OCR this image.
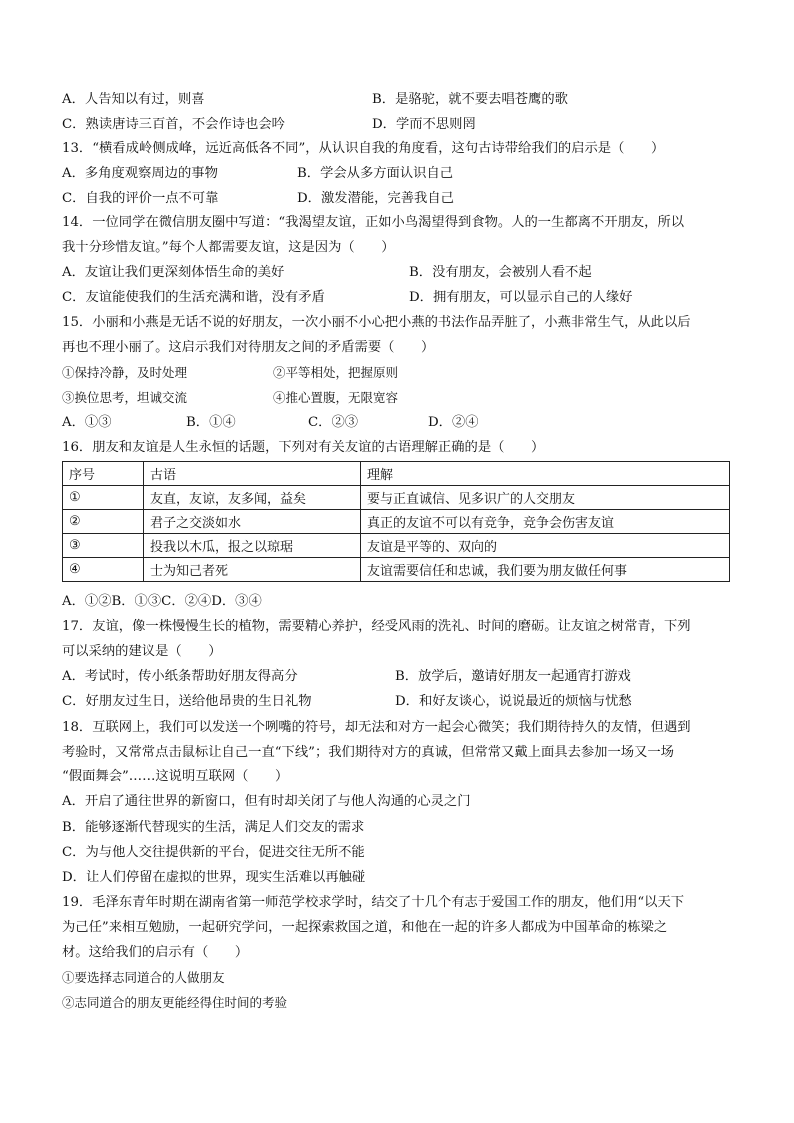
A．人告知以有过，则喜	B．是骆驼，就不要去唱苍鹰的歌
C．熟读唐诗三百首，不会作诗也会吟	D．学而不思则罔
13．“横看成岭侧成峰，远近高低各不同”，从认识自我的角度看，这句古诗带给我们的启示是（　　）
A．多角度观察周边的事物	B．学会从多方面认识自己
C．自我的评价一点不可靠	D．激发潜能，完善我自己
14．一位同学在微信朋友圈中写道：“我渴望友谊，正如小鸟渴望得到食物。人的一生都离不开朋友，所以
我十分珍惜友谊。”每个人都需要友谊，这是因为（　　）
A．友谊让我们更深刻体悟生命的美好	B．没有朋友，会被别人看不起
C．友谊能使我们的生活充满和谐，没有矛盾	D．拥有朋友，可以显示自己的人缘好
15．小丽和小燕是无话不说的好朋友，一次小丽不小心把小燕的书法作品弄脏了，小燕非常生气，从此以后
再也不理小丽了。这启示我们对待朋友之间的矛盾需要（　　）
①保持冷静，及时处理	②平等相处，把握原则
③换位思考，坦诚交流	④推心置腹，无限宽容
A．①③	B．①④	C．②③	D．②④
16．朋友和友谊是人生永恒的话题，下列对有关友谊的古语理解正确的是（　　）
序号	古语	理解
①	友直，友谅，友多闻，益矣	要与正直诚信、见多识广的人交朋友
②	君子之交淡如水	真正的友谊不可以有竞争，竞争会伤害友谊
③	投我以木瓜，报之以琼琚	友谊是平等的、双向的
④	士为知己者死	友谊需要信任和忠诚，我们要为朋友做任何事
A．①②B．①③C．②④D．③④
17．友谊，像一株慢慢生长的植物，需要精心养护，经受风雨的洗礼、时间的磨砺。让友谊之树常青，下列
可以采纳的建议是（　　）
A．考试时，传小纸条帮助好朋友得高分	B．放学后，邀请好朋友一起通宵打游戏
C．好朋友过生日，送给他昂贵的生日礼物	D．和好友谈心，说说最近的烦恼与忧愁
18．互联网上，我们可以发送一个咧嘴的符号，却无法和对方一起会心微笑；我们期待持久的友情，但遇到
考验时，又常常点击鼠标让自己一直“下线”；我们期待对方的真诚，但常常又戴上面具去参加一场又一场
“假面舞会”……这说明互联网（　　）
A．开启了通往世界的新窗口，但有时却关闭了与他人沟通的心灵之门
B．能够逐渐代替现实的生活，满足人们交友的需求
C．为与他人交往提供新的平台，促进交往无所不能
D．让人们停留在虚拟的世界，现实生活难以再触碰
19．毛泽东青年时期在湖南省第一师范学校求学时，结交了十几个有志于爱国工作的朋友，他们用“以天下
为己任”来相互勉励，一起研究学问，一起探索救国之道，和他在一起的许多人都成为中国革命的栋梁之
材。这给我们的启示有（　　）
①要选择志同道合的人做朋友
②志同道合的朋友更能经得住时间的考验
